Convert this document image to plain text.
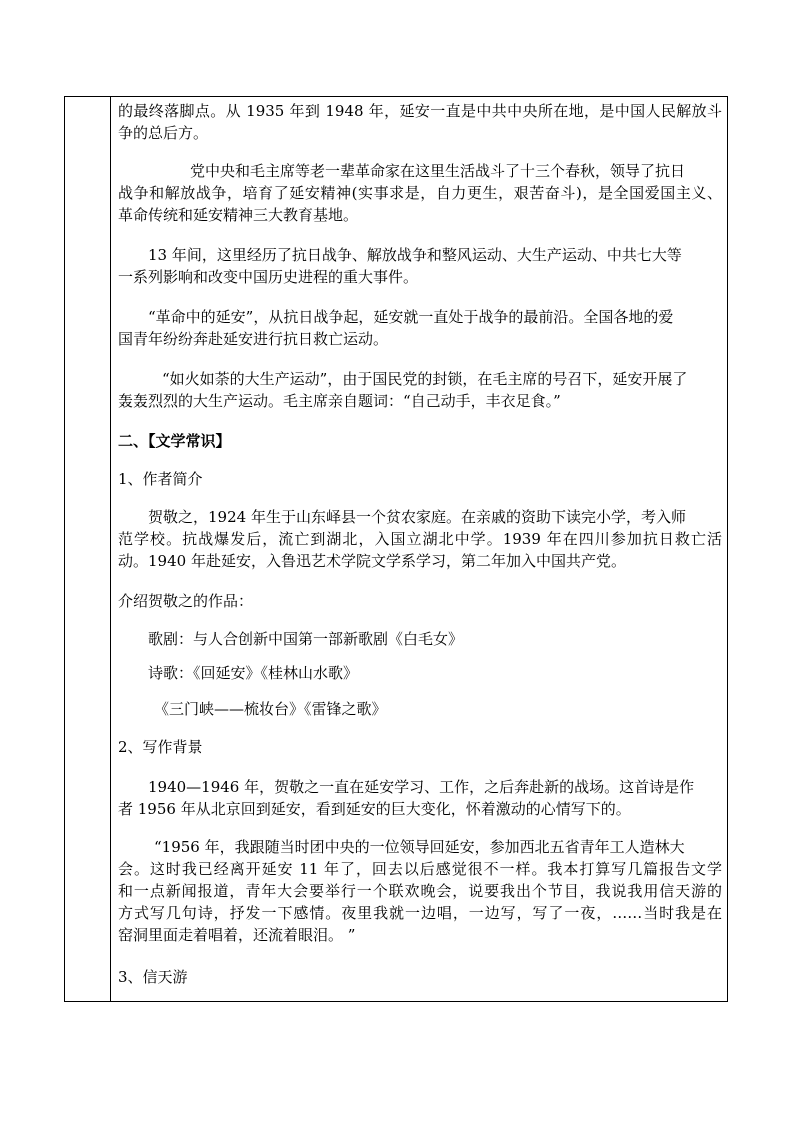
的最终落脚点。从 1935 年到 1948 年，延安一直是中共中央所在地，是中国人民解放斗
争的总后方。
党中央和毛主席等老一辈革命家在这里生活战斗了十三个春秋，领导了抗日
战争和解放战争，培育了延安精神(实事求是，自力更生，艰苦奋斗)，是全国爱国主义、
革命传统和延安精神三大教育基地。
13 年间，这里经历了抗日战争、解放战争和整风运动、大生产运动、中共七大等
一系列影响和改变中国历史进程的重大事件。
“革命中的延安”，从抗日战争起，延安就一直处于战争的最前沿。全国各地的爱
国青年纷纷奔赴延安进行抗日救亡运动。
“如火如荼的大生产运动”，由于国民党的封锁，在毛主席的号召下，延安开展了
轰轰烈烈的大生产运动。毛主席亲自题词：“自己动手，丰衣足食。”
二、【文学常识】
1、作者简介
贺敬之，1924 年生于山东峄县一个贫农家庭。在亲戚的资助下读完小学，考入师
范学校。抗战爆发后，流亡到湖北，入国立湖北中学。1939 年在四川参加抗日救亡活
动。1940 年赴延安，入鲁迅艺术学院文学系学习，第二年加入中国共产党。
介绍贺敬之的作品：
歌剧：与人合创新中国第一部新歌剧《白毛女》
诗歌：《回延安》《桂林山水歌》
《三门峡——梳妆台》《雷锋之歌》
2、写作背景
1940—1946 年，贺敬之一直在延安学习、工作，之后奔赴新的战场。这首诗是作
者 1956 年从北京回到延安，看到延安的巨大变化，怀着激动的心情写下的。
“1956 年，我跟随当时团中央的一位领导回延安，参加西北五省青年工人造林大
会。这时我已经离开延安 11 年了，回去以后感觉很不一样。我本打算写几篇报告文学
和一点新闻报道，青年大会要举行一个联欢晚会，说要我出个节目，我说我用信天游的
方式写几句诗，抒发一下感情。夜里我就一边唱，一边写，写了一夜，……当时我是在
窑洞里面走着唱着，还流着眼泪。 ”
3、信天游
